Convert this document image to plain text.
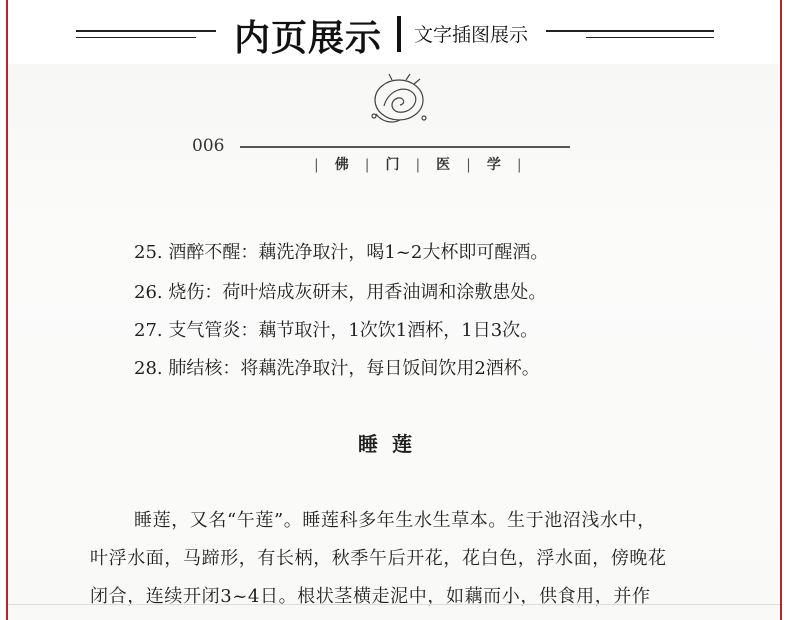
内页展示 文字插图展示
006
| 佛 | 门 | 医 | 学 |
25. 酒醉不醒：藕洗净取汁，喝1~2大杯即可醒酒。
26. 烧伤：荷叶焙成灰研末，用香油调和涂敷患处。
27. 支气管炎：藕节取汁，1次饮1酒杯，1日3次。
28. 肺结核：将藕洗净取汁，每日饭间饮用2酒杯。
睡莲
睡莲，又名“午莲”。睡莲科多年生水生草本。生于池沼浅水中，
叶浮水面，马蹄形，有长柄，秋季午后开花，花白色，浮水面，傍晚花
闭合，连续开闭3~4日。根状茎横走泥中，如藕而小，供食用，并作
